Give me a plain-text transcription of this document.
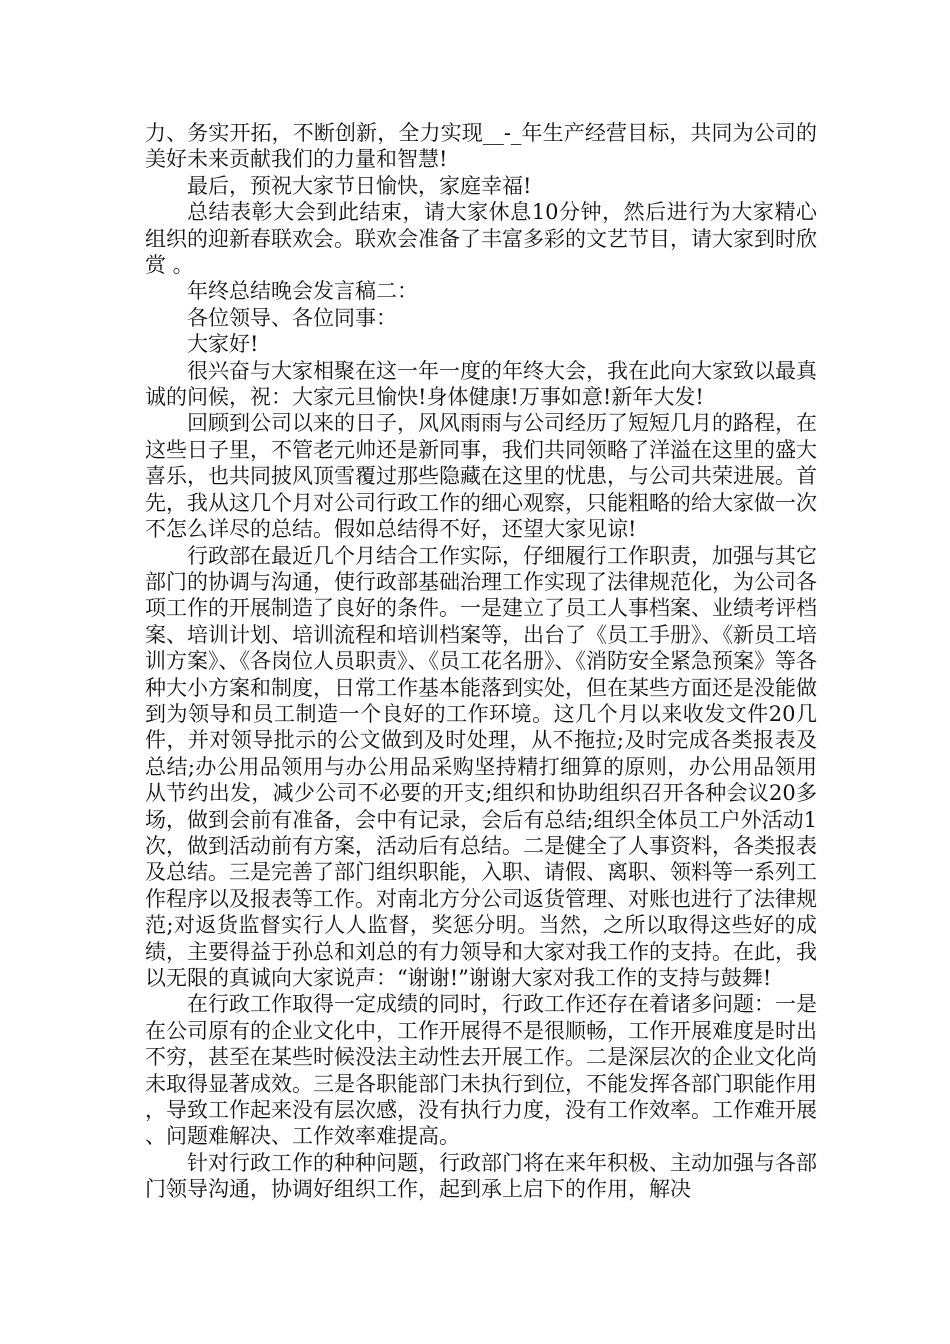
力、务实开拓，不断创新，全力实现__-_年生产经营目标，共同为公司的美好未来贡献我们的力量和智慧!

最后，预祝大家节日愉快，家庭幸福!

总结表彰大会到此结束，请大家休息10分钟，然后进行为大家精心组织的迎新春联欢会。联欢会准备了丰富多彩的文艺节目，请大家到时欣赏 。

年终总结晚会发言稿二：

各位领导、各位同事：

大家好!

很兴奋与大家相聚在这一年一度的年终大会，我在此向大家致以最真诚的问候，祝：大家元旦愉快!身体健康!万事如意!新年大发!

回顾到公司以来的日子，风风雨雨与公司经历了短短几月的路程，在这些日子里，不管老元帅还是新同事，我们共同领略了洋溢在这里的盛大喜乐，也共同披风顶雪覆过那些隐藏在这里的忧患，与公司共荣进展。首先，我从这几个月对公司行政工作的细心观察，只能粗略的给大家做一次不怎么详尽的总结。假如总结得不好，还望大家见谅!

行政部在最近几个月结合工作实际，仔细履行工作职责，加强与其它部门的协调与沟通，使行政部基础治理工作实现了法律规范化，为公司各项工作的开展制造了良好的条件。一是建立了员工人事档案、业绩考评档案、培训计划、培训流程和培训档案等，出台了《员工手册》、《新员工培训方案》、《各岗位人员职责》、《员工花名册》、《消防安全紧急预案》等各种大小方案和制度，日常工作基本能落到实处，但在某些方面还是没能做到为领导和员工制造一个良好的工作环境。这几个月以来收发文件20几件，并对领导批示的公文做到及时处理，从不拖拉;及时完成各类报表及总结;办公用品领用与办公用品采购坚持精打细算的原则，办公用品领用从节约出发，减少公司不必要的开支;组织和协助组织召开各种会议20多场，做到会前有准备，会中有记录，会后有总结;组织全体员工户外活动1次，做到活动前有方案，活动后有总结。二是健全了人事资料，各类报表及总结。三是完善了部门组织职能，入职、请假、离职、领料等一系列工作程序以及报表等工作。对南北方分公司返货管理、对账也进行了法律规范;对返货监督实行人人监督，奖惩分明。当然，之所以取得这些好的成绩，主要得益于孙总和刘总的有力领导和大家对我工作的支持。在此，我以无限的真诚向大家说声：“谢谢!”谢谢大家对我工作的支持与鼓舞!

在行政工作取得一定成绩的同时，行政工作还存在着诸多问题：一是在公司原有的企业文化中，工作开展得不是很顺畅，工作开展难度是时出不穷，甚至在某些时候没法主动性去开展工作。二是深层次的企业文化尚未取得显著成效。三是各职能部门未执行到位，不能发挥各部门职能作用，导致工作起来没有层次感，没有执行力度，没有工作效率。工作难开展、问题难解决、工作效率难提高。

针对行政工作的种种问题，行政部门将在来年积极、主动加强与各部门领导沟通，协调好组织工作，起到承上启下的作用，解决
